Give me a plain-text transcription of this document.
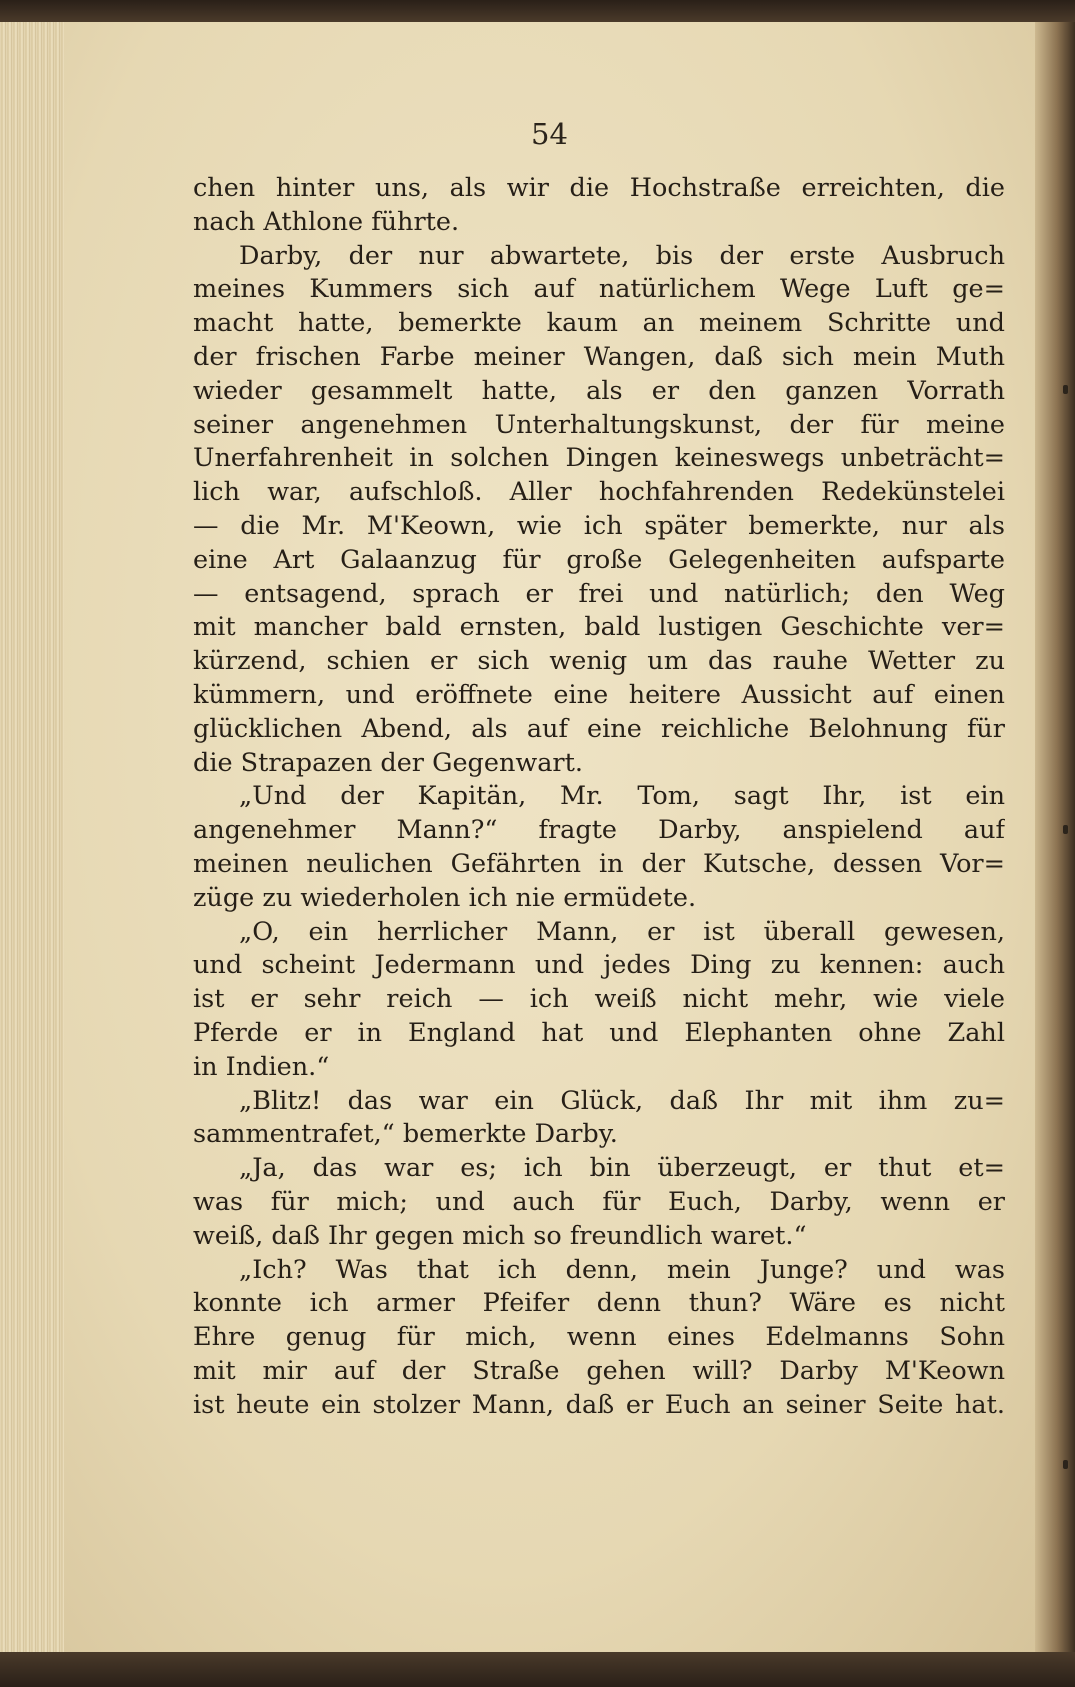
54
chen hinter uns, als wir die Hochstraße erreichten, die
nach Athlone führte.
Darby, der nur abwartete, bis der erste Ausbruch
meines Kummers sich auf natürlichem Wege Luft ge=
macht hatte, bemerkte kaum an meinem Schritte und
der frischen Farbe meiner Wangen, daß sich mein Muth
wieder gesammelt hatte, als er den ganzen Vorrath
seiner angenehmen Unterhaltungskunst, der für meine
Unerfahrenheit in solchen Dingen keineswegs unbeträcht=
lich war, aufschloß. Aller hochfahrenden Redekünstelei
— die Mr. M'Keown, wie ich später bemerkte, nur als
eine Art Galaanzug für große Gelegenheiten aufsparte
— entsagend, sprach er frei und natürlich; den Weg
mit mancher bald ernsten, bald lustigen Geschichte ver=
kürzend, schien er sich wenig um das rauhe Wetter zu
kümmern, und eröffnete eine heitere Aussicht auf einen
glücklichen Abend, als auf eine reichliche Belohnung für
die Strapazen der Gegenwart.
„Und der Kapitän, Mr. Tom, sagt Ihr, ist ein
angenehmer Mann?“ fragte Darby, anspielend auf
meinen neulichen Gefährten in der Kutsche, dessen Vor=
züge zu wiederholen ich nie ermüdete.
„O, ein herrlicher Mann, er ist überall gewesen,
und scheint Jedermann und jedes Ding zu kennen: auch
ist er sehr reich — ich weiß nicht mehr, wie viele
Pferde er in England hat und Elephanten ohne Zahl
in Indien.“
„Blitz! das war ein Glück, daß Ihr mit ihm zu=
sammentrafet,“ bemerkte Darby.
„Ja, das war es; ich bin überzeugt, er thut et=
was für mich; und auch für Euch, Darby, wenn er
weiß, daß Ihr gegen mich so freundlich waret.“
„Ich? Was that ich denn, mein Junge? und was
konnte ich armer Pfeifer denn thun? Wäre es nicht
Ehre genug für mich, wenn eines Edelmanns Sohn
mit mir auf der Straße gehen will? Darby M'Keown
ist heute ein stolzer Mann, daß er Euch an seiner Seite hat.
